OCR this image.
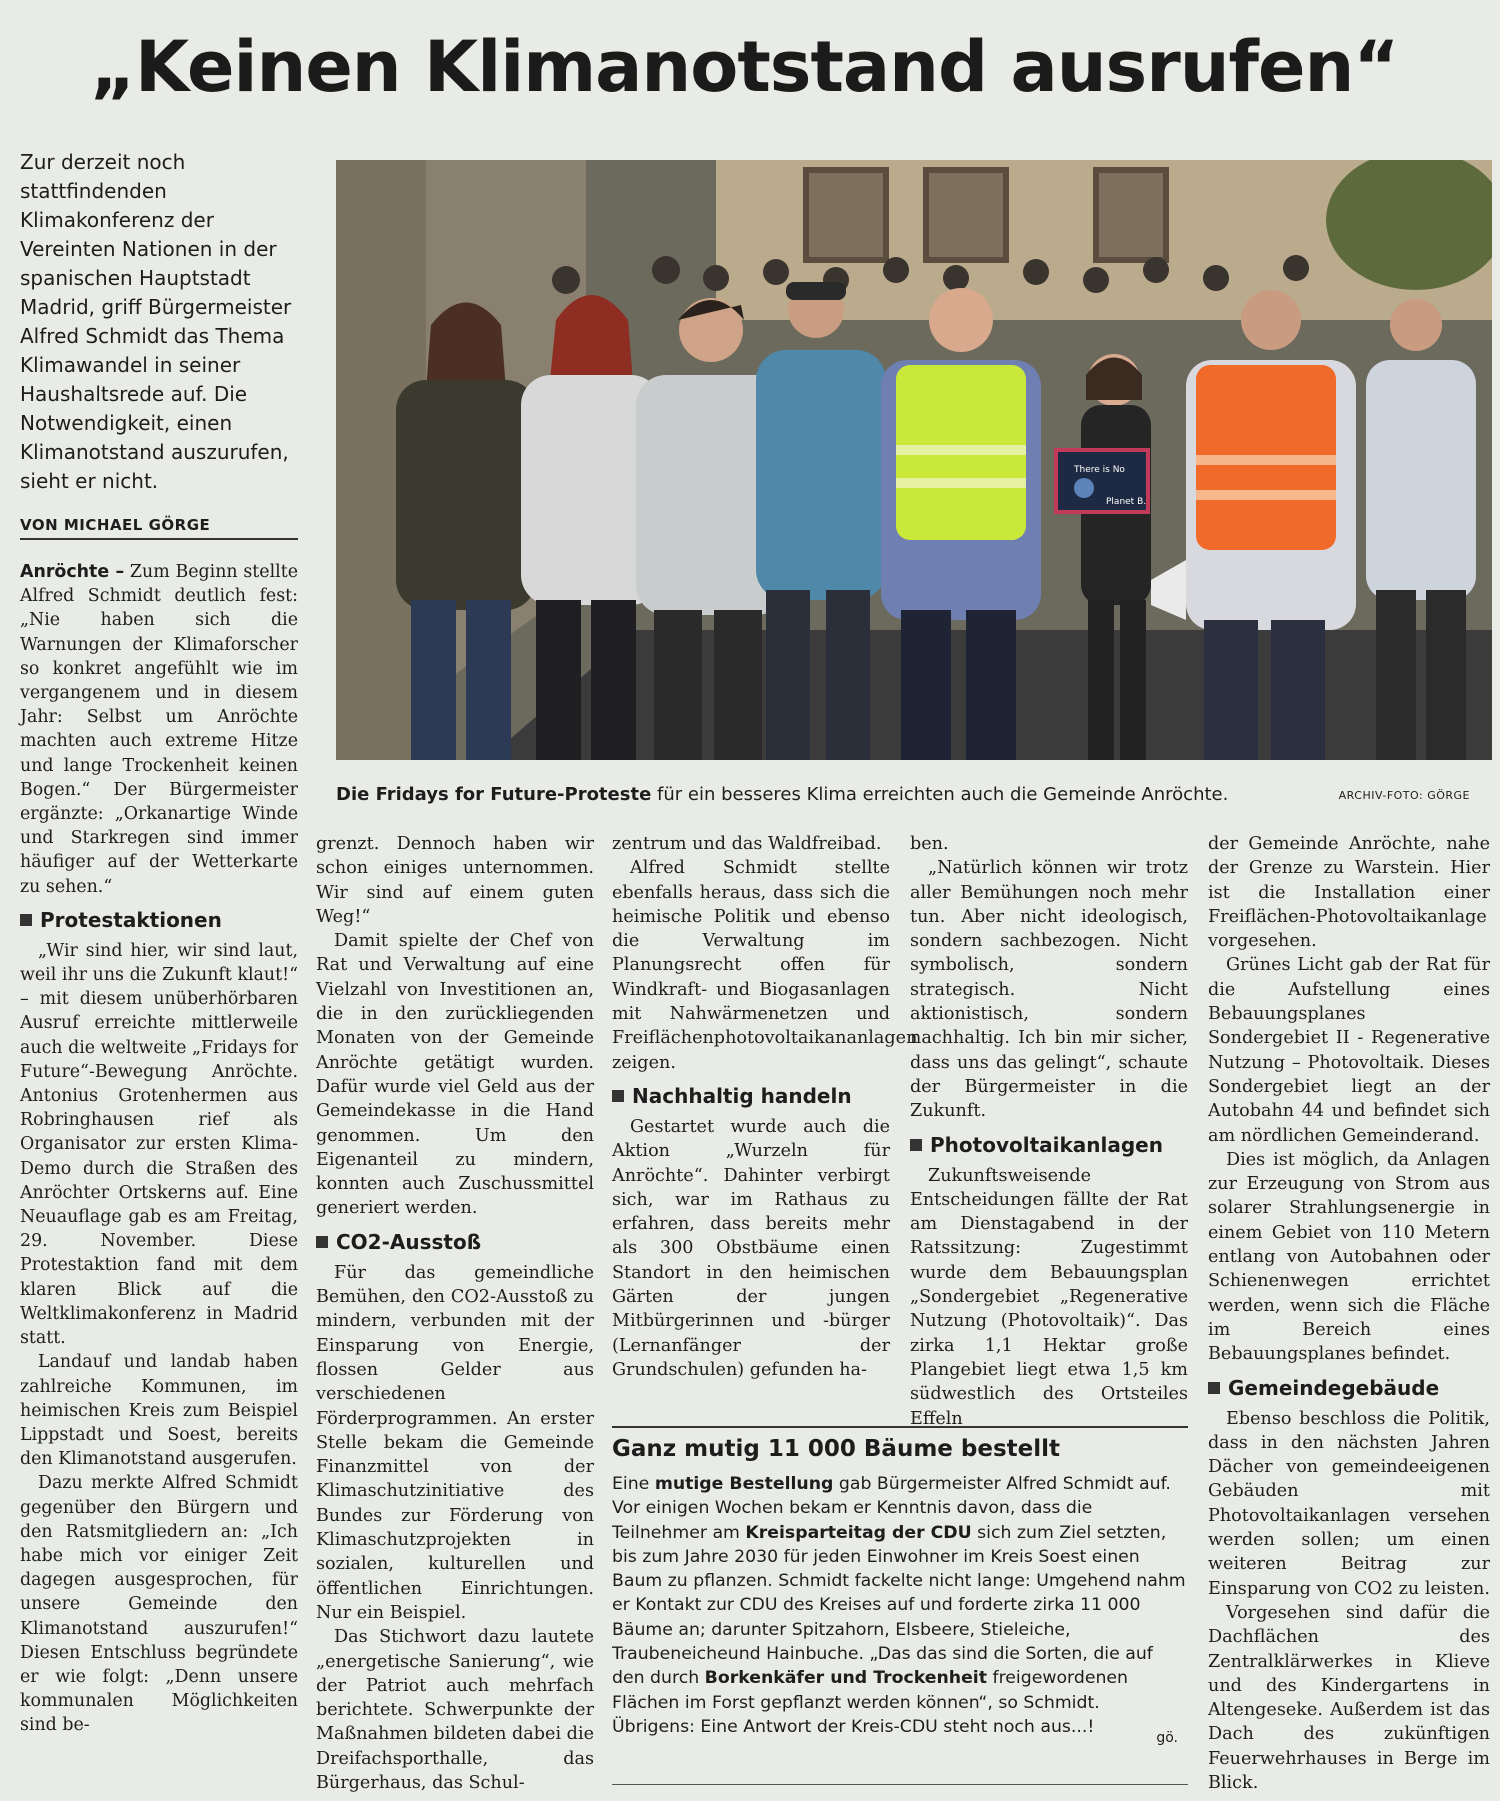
„Keinen Klimanotstand ausrufen“

Zur derzeit noch stattfindenden Klimakonferenz der Vereinten Nationen in der spanischen Hauptstadt Madrid, griff Bürgermeister Alfred Schmidt das Thema Klimawandel in seiner Haushaltsrede auf. Die Notwendigkeit, einen Klimanotstand auszurufen, sieht er nicht.

VON MICHAEL GÖRGE
There is No
Planet B.
Die Fridays for Future-Proteste für ein besseres Klima erreichten auch die Gemeinde Anröchte.	ARCHIV-FOTO: GÖRGE

Anröchte – Zum Beginn stellte Alfred Schmidt deutlich fest: „Nie haben sich die Warnungen der Klimaforscher so konkret angefühlt wie im vergangenem und in diesem Jahr: Selbst um Anröchte machten auch extreme Hitze und lange Trockenheit keinen Bogen.“ Der Bürgermeister ergänzte: „Orkanartige Winde und Starkregen sind immer häufiger auf der Wetterkarte zu sehen.“

Protestaktionen

„Wir sind hier, wir sind laut, weil ihr uns die Zukunft klaut!“ – mit diesem unüberhörbaren Ausruf erreichte mittlerweile auch die weltweite „Fridays for Future“-Bewegung Anröchte. Antonius Grotenhermen aus Robringhausen rief als Organisator zur ersten Klima-Demo durch die Straßen des Anröchter Ortskerns auf. Eine Neuauflage gab es am Freitag, 29. November. Diese Protestaktion fand mit dem klaren Blick auf die Weltklimakonferenz in Madrid statt.

Landauf und landab haben zahlreiche Kommunen, im heimischen Kreis zum Beispiel Lippstadt und Soest, bereits den Klimanotstand ausgerufen.

Dazu merkte Alfred Schmidt gegenüber den Bürgern und den Ratsmitgliedern an: „Ich habe mich vor einiger Zeit dagegen ausgesprochen, für unsere Gemeinde den Klimanotstand auszurufen!“ Diesen Entschluss begründete er wie folgt: „Denn unsere kommunalen Möglichkeiten sind be-

grenzt. Dennoch haben wir schon einiges unternommen. Wir sind auf einem guten Weg!“

Damit spielte der Chef von Rat und Verwaltung auf eine Vielzahl von Investitionen an, die in den zurückliegenden Monaten von der Gemeinde Anröchte getätigt wurden. Dafür wurde viel Geld aus der Gemeindekasse in die Hand genommen. Um den Eigenanteil zu mindern, konnten auch Zuschussmittel generiert werden.

CO2-Ausstoß

Für das gemeindliche Bemühen, den CO2-Ausstoß zu mindern, verbunden mit der Einsparung von Energie, flossen Gelder aus verschiedenen Förderprogrammen. An erster Stelle bekam die Gemeinde Finanzmittel von der Klimaschutzinitiative des Bundes zur Förderung von Klimaschutzprojekten in sozialen, kulturellen und öffentlichen Einrichtungen. Nur ein Beispiel.

Das Stichwort dazu lautete „energetische Sanierung“, wie der Patriot auch mehrfach berichtete. Schwerpunkte der Maßnahmen bildeten dabei die Dreifachsporthalle, das Bürgerhaus, das Schul-

zentrum und das Waldfreibad.

Alfred Schmidt stellte ebenfalls heraus, dass sich die heimische Politik und ebenso die Verwaltung im Planungsrecht offen für Windkraft- und Biogasanlagen mit Nahwärmenetzen und Freiflächenphotovoltaikananlagen zeigen.

Nachhaltig handeln

Gestartet wurde auch die Aktion „Wurzeln für Anröchte“. Dahinter verbirgt sich, war im Rathaus zu erfahren, dass bereits mehr als 300 Obstbäume einen Standort in den heimischen Gärten der jungen Mitbürgerinnen und -bürger (Lernanfänger der Grundschulen) gefunden ha-

ben.

„Natürlich können wir trotz aller Bemühungen noch mehr tun. Aber nicht ideologisch, sondern sachbezogen. Nicht symbolisch, sondern strategisch. Nicht aktionistisch, sondern nachhaltig. Ich bin mir sicher, dass uns das gelingt“, schaute der Bürgermeister in die Zukunft.

Photovoltaikanlagen

Zukunftsweisende Entscheidungen fällte der Rat am Dienstagabend in der Ratssitzung: Zugestimmt wurde dem Bebauungsplan „Sondergebiet „Regenerative Nutzung (Photovoltaik)“. Das zirka 1,1 Hektar große Plangebiet liegt etwa 1,5 km südwestlich des Ortsteiles Effeln

der Gemeinde Anröchte, nahe der Grenze zu Warstein. Hier ist die Installation einer Freiflächen-Photovoltaikanlage vorgesehen.

Grünes Licht gab der Rat für die Aufstellung eines Bebauungsplanes Sondergebiet II - Regenerative Nutzung – Photovoltaik. Dieses Sondergebiet liegt an der Autobahn 44 und befindet sich am nördlichen Gemeinderand.

Dies ist möglich, da Anlagen zur Erzeugung von Strom aus solarer Strahlungsenergie in einem Gebiet von 110 Metern entlang von Autobahnen oder Schienenwegen errichtet werden, wenn sich die Fläche im Bereich eines Bebauungsplanes befindet.

Gemeindegebäude

Ebenso beschloss die Politik, dass in den nächsten Jahren Dächer von gemeindeeigenen Gebäuden mit Photovoltaikanlagen versehen werden sollen; um einen weiteren Beitrag zur Einsparung von CO2 zu leisten.

Vorgesehen sind dafür die Dachflächen des Zentralklärwerkes in Klieve und des Kindergartens in Altengeseke. Außerdem ist das Dach des zukünftigen Feuerwehrhauses in Berge im Blick.

Ganz mutig 11 000 Bäume bestellt

Eine mutige Bestellung gab Bürgermeister Alfred Schmidt auf. Vor einigen Wochen bekam er Kenntnis davon, dass die Teilnehmer am Kreisparteitag der CDU sich zum Ziel setzten, bis zum Jahre 2030 für jeden Einwohner im Kreis Soest einen Baum zu pflanzen. Schmidt fackelte nicht lange: Umgehend nahm er Kontakt zur CDU des Kreises auf und forderte zirka 11 000 Bäume an; darunter Spitzahorn, Elsbeere, Stieleiche, Traubeneicheund Hainbuche. „Das das sind die Sorten, die auf den durch Borkenkäfer und Trockenheit freigewordenen Flächen im Forst gepflanzt werden können“, so Schmidt. Übrigens: Eine Antwort der Kreis-CDU steht noch aus...!

gö.
